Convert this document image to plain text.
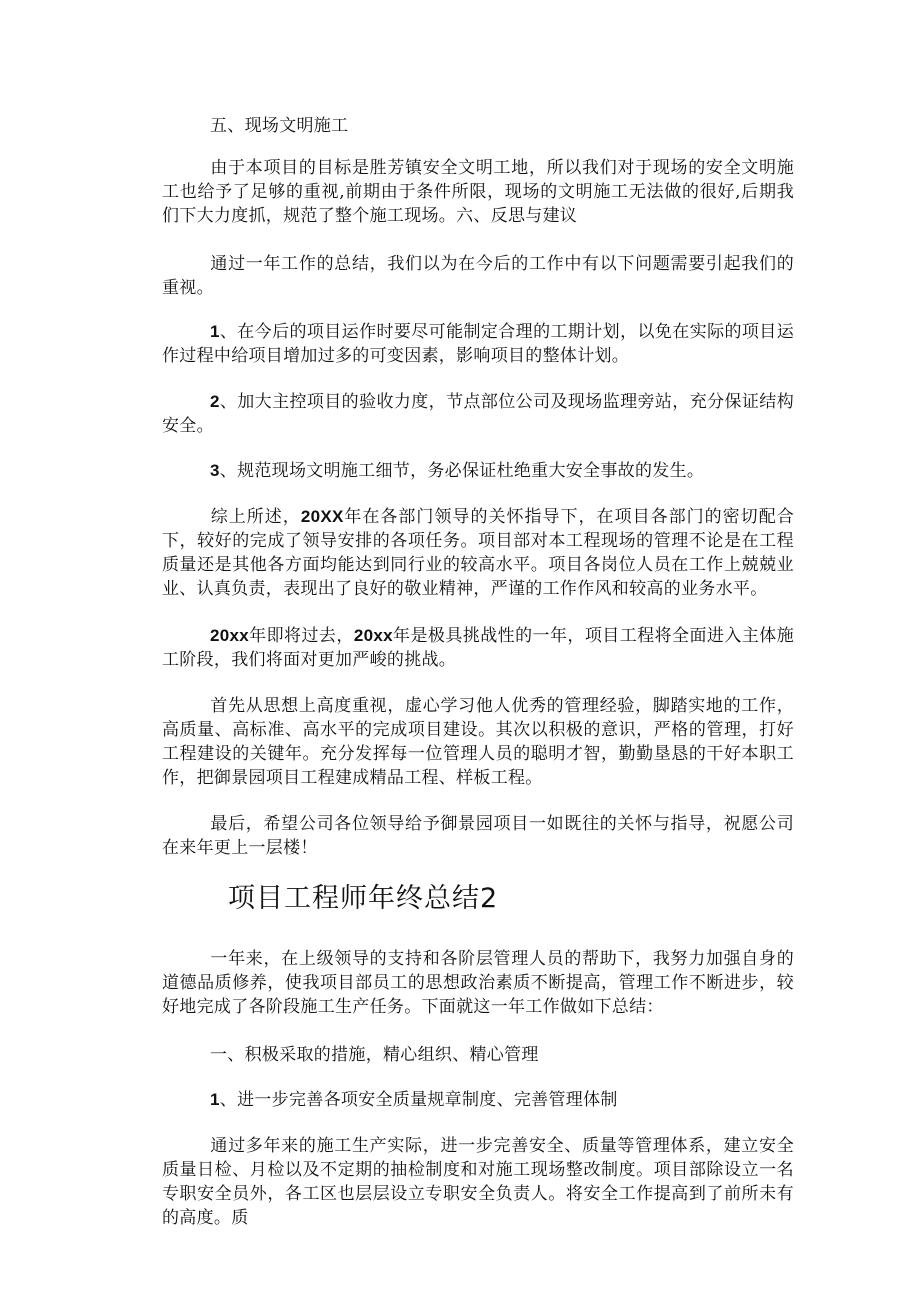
五、现场文明施工

由于本项目的目标是胜芳镇安全文明工地，所以我们对于现场的安全文明施工也给予了足够的重视,前期由于条件所限，现场的文明施工无法做的很好,后期我们下大力度抓，规范了整个施工现场。六、反思与建议

通过一年工作的总结，我们以为在今后的工作中有以下问题需要引起我们的重视。

1、在今后的项目运作时要尽可能制定合理的工期计划，以免在实际的项目运作过程中给项目增加过多的可变因素，影响项目的整体计划。

2、加大主控项目的验收力度，节点部位公司及现场监理旁站，充分保证结构安全。

3、规范现场文明施工细节，务必保证杜绝重大安全事故的发生。

综上所述，20XX年在各部门领导的关怀指导下，在项目各部门的密切配合下，较好的完成了领导安排的各项任务。项目部对本工程现场的管理不论是在工程质量还是其他各方面均能达到同行业的较高水平。项目各岗位人员在工作上兢兢业业、认真负责，表现出了良好的敬业精神，严谨的工作作风和较高的业务水平。

20xx年即将过去，20xx年是极具挑战性的一年，项目工程将全面进入主体施工阶段，我们将面对更加严峻的挑战。

首先从思想上高度重视，虚心学习他人优秀的管理经验，脚踏实地的工作，高质量、高标准、高水平的完成项目建设。其次以积极的意识，严格的管理，打好工程建设的关键年。充分发挥每一位管理人员的聪明才智，勤勤垦恳的干好本职工作，把御景园项目工程建成精品工程、样板工程。

最后，希望公司各位领导给予御景园项目一如既往的关怀与指导，祝愿公司在来年更上一层楼！

项目工程师年终总结2

一年来，在上级领导的支持和各阶层管理人员的帮助下，我努力加强自身的道德品质修养，使我项目部员工的思想政治素质不断提高，管理工作不断进步，较好地完成了各阶段施工生产任务。下面就这一年工作做如下总结：

一、积极采取的措施，精心组织、精心管理

1、进一步完善各项安全质量规章制度、完善管理体制

通过多年来的施工生产实际，进一步完善安全、质量等管理体系，建立安全质量日检、月检以及不定期的抽检制度和对施工现场整改制度。项目部除设立一名专职安全员外，各工区也层层设立专职安全负责人。将安全工作提高到了前所未有的高度。质
